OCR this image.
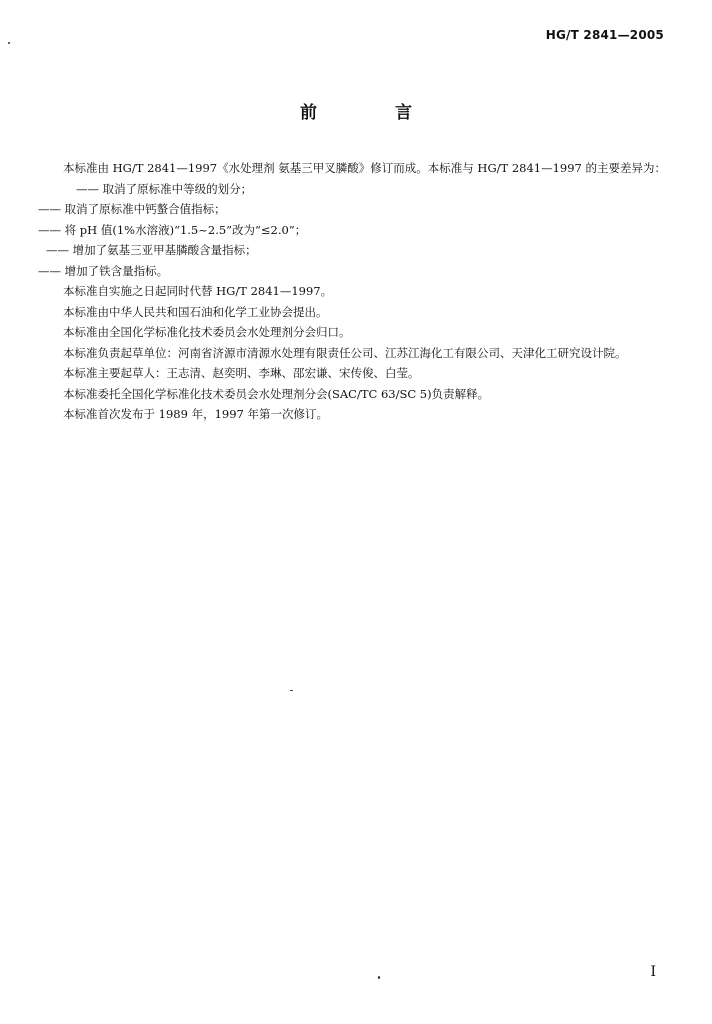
HG/T 2841—2005
前 言

本标准由 HG/T 2841—1997《水处理剂 氨基三甲叉膦酸》修订而成。本标准与 HG/T 2841—1997 的主要差异为：

—— 取消了原标准中等级的划分；

—— 取消了原标准中钙螯合值指标；

—— 将 pH 值(1%水溶液)“1.5~2.5”改为“≤2.0”；

—— 增加了氨基三亚甲基膦酸含量指标；

—— 增加了铁含量指标。

本标准自实施之日起同时代替 HG/T 2841—1997。

本标准由中华人民共和国石油和化学工业协会提出。

本标准由全国化学标准化技术委员会水处理剂分会归口。

本标准负责起草单位：河南省济源市清源水处理有限责任公司、江苏江海化工有限公司、天津化工研究设计院。

本标准主要起草人：王志清、赵奕明、李琳、邵宏谦、宋传俊、白莹。

本标准委托全国化学标准化技术委员会水处理剂分会(SAC/TC 63/SC 5)负责解释。

本标准首次发布于 1989 年，1997 年第一次修订。

I
